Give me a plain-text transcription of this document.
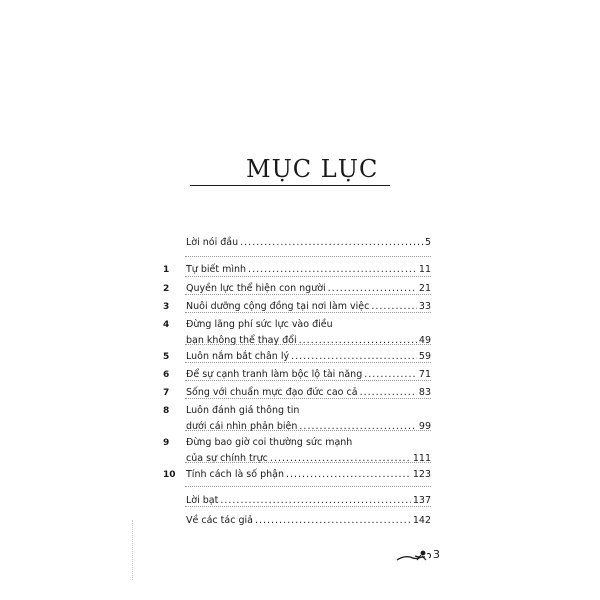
MỤC LỤC
Lời nói đầu .....	5
1	Tự biết mình .....	11
2	Quyền lực thể hiện con người .....	21
3	Nuôi dưỡng cộng đồng tại nơi làm việc .....	33
4	Đừng lãng phí sức lực vào điều
bạn không thể thay đổi .....	49
5	Luôn nắm bắt chân lý .....	59
6	Để sự cạnh tranh làm bộc lộ tài năng .....	71
7	Sống với chuẩn mực đạo đức cao cả .....	83
8	Luôn đánh giá thông tin
dưới cái nhìn phản biện .....	99
9	Đừng bao giờ coi thường sức mạnh
của sự chính trực .....	111
10	Tính cách là số phận .....	123
Lời bạt .....	137
Về các tác giả .....	142
3
